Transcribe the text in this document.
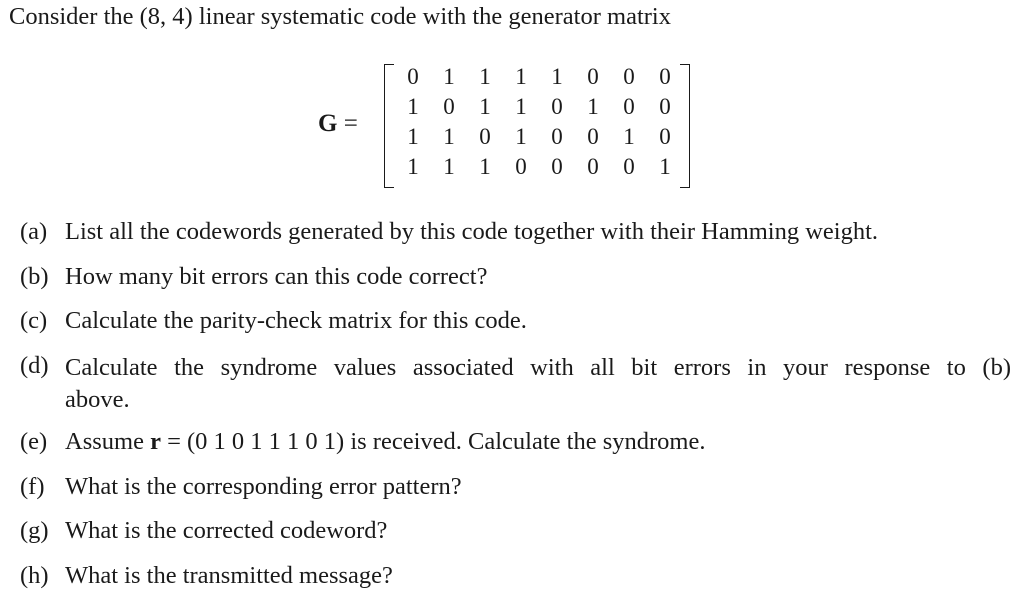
Consider the (8, 4) linear systematic code with the generator matrix
G =
0	1	1	1	1	0	0	0
1	0	1	1	0	1	0	0
1	1	0	1	0	0	1	0
1	1	1	0	0	0	0	1
(a) List all the codewords generated by this code together with their Hamming weight.
(b) How many bit errors can this code correct?
(c) Calculate the parity-check matrix for this code.
(d) Calculate the syndrome values associated with all bit errors in your response to (b)
above.
(e) Assume r = (0 1 0 1 1 1 0 1) is received. Calculate the syndrome.
(f) What is the corresponding error pattern?
(g) What is the corrected codeword?
(h) What is the transmitted message?
